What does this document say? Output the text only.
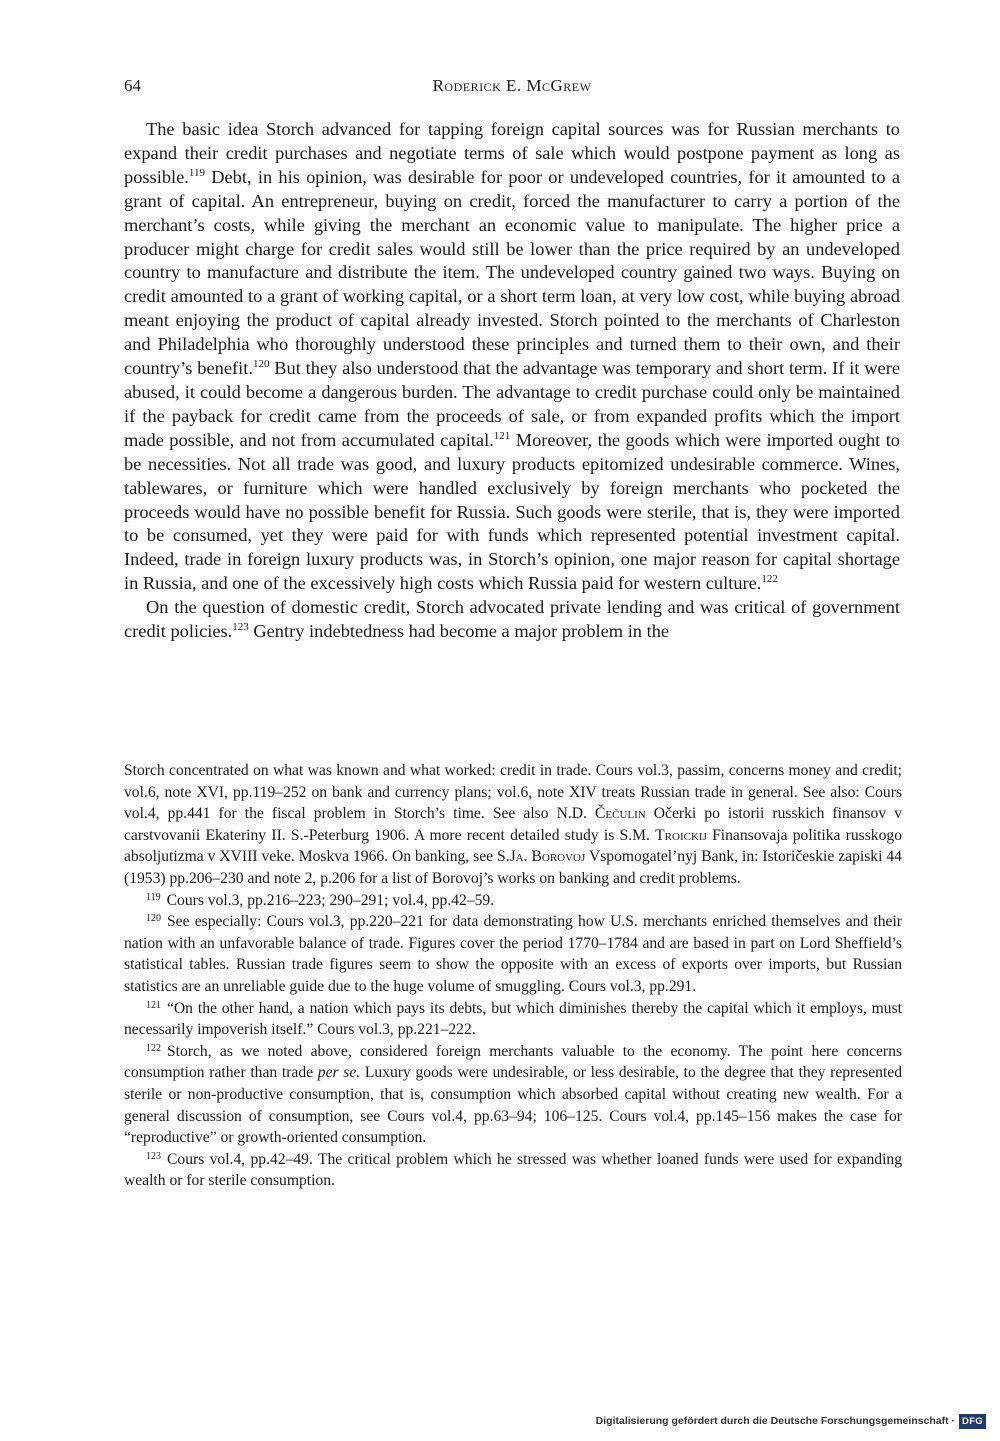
64	Roderick E. McGrew

The basic idea Storch advanced for tapping foreign capital sources was for Russian merchants to expand their credit purchases and negotiate terms of sale which would postpone payment as long as possible.$^{119}$ Debt, in his opinion, was desirable for poor or undeveloped countries, for it amounted to a grant of capital. An entrepreneur, buying on credit, forced the manufacturer to carry a portion of the merchant’s costs, while giving the merchant an economic value to manipulate. The higher price a producer might charge for credit sales would still be lower than the price required by an undeveloped country to manufacture and distribute the item. The undeveloped country gained two ways. Buying on credit amounted to a grant of working capital, or a short term loan, at very low cost, while buying abroad meant enjoying the product of capital already invested. Storch pointed to the merchants of Charleston and Philadelphia who thoroughly understood these principles and turned them to their own, and their country’s benefit.$^{120}$ But they also understood that the advantage was temporary and short term. If it were abused, it could become a dangerous burden. The advantage to credit purchase could only be maintained if the payback for credit came from the proceeds of sale, or from expanded profits which the import made possible, and not from accumulated capital.$^{121}$ Moreover, the goods which were imported ought to be necessities. Not all trade was good, and luxury products epitomized undesirable commerce. Wines, tablewares, or furniture which were handled exclusively by foreign merchants who pocketed the proceeds would have no possible benefit for Russia. Such goods were sterile, that is, they were imported to be consumed, yet they were paid for with funds which represented potential investment capital. Indeed, trade in foreign luxury products was, in Storch’s opinion, one major reason for capital shortage in Russia, and one of the excessively high costs which Russia paid for western culture.$^{122}$

On the question of domestic credit, Storch advocated private lending and was critical of government credit policies.$^{123}$ Gentry indebtedness had become a major problem in the

Storch concentrated on what was known and what worked: credit in trade. Cours vol.3, passim, concerns money and credit; vol.6, note XVI, pp.119–252 on bank and currency plans; vol.6, note XIV treats Russian trade in general. See also: Cours vol.4, pp.441 for the fiscal problem in Storch’s time. See also N.D. Čečulin Očerki po istorii russkich finansov v carstvovanii Ekateriny II. S.-Peterburg 1906. A more recent detailed study is S.M. Troickij Finansovaja politika russkogo absoljutizma v XVIII veke. Moskva 1966. On banking, see S.Ja. Borovoj Vspomogatel’nyj Bank, in: Istoričeskie zapiski 44 (1953) pp.206–230 and note 2, p.206 for a list of Borovoj’s works on banking and credit problems.

$^{119}$ Cours vol.3, pp.216–223; 290–291; vol.4, pp.42–59.

$^{120}$ See especially: Cours vol.3, pp.220–221 for data demonstrating how U.S. merchants enriched themselves and their nation with an unfavorable balance of trade. Figures cover the period 1770–1784 and are based in part on Lord Sheffield’s statistical tables. Russian trade figures seem to show the opposite with an excess of exports over imports, but Russian statistics are an unreliable guide due to the huge volume of smuggling. Cours vol.3, pp.291.

$^{121}$ “On the other hand, a nation which pays its debts, but which diminishes thereby the capital which it employs, must necessarily impoverish itself.” Cours vol.3, pp.221–222.

$^{122}$ Storch, as we noted above, considered foreign merchants valuable to the economy. The point here concerns consumption rather than trade per se. Luxury goods were undesirable, or less desirable, to the degree that they represented sterile or non-productive consumption, that is, consumption which absorbed capital without creating new wealth. For a general discussion of consumption, see Cours vol.4, pp.63–94; 106–125. Cours vol.4, pp.145–156 makes the case for “reproductive” or growth-oriented consumption.

$^{123}$ Cours vol.4, pp.42–49. The critical problem which he stressed was whether loaned funds were used for expanding wealth or for sterile consumption.

Digitalisierung gefördert durch die Deutsche Forschungsgemeinschaft · DFG
